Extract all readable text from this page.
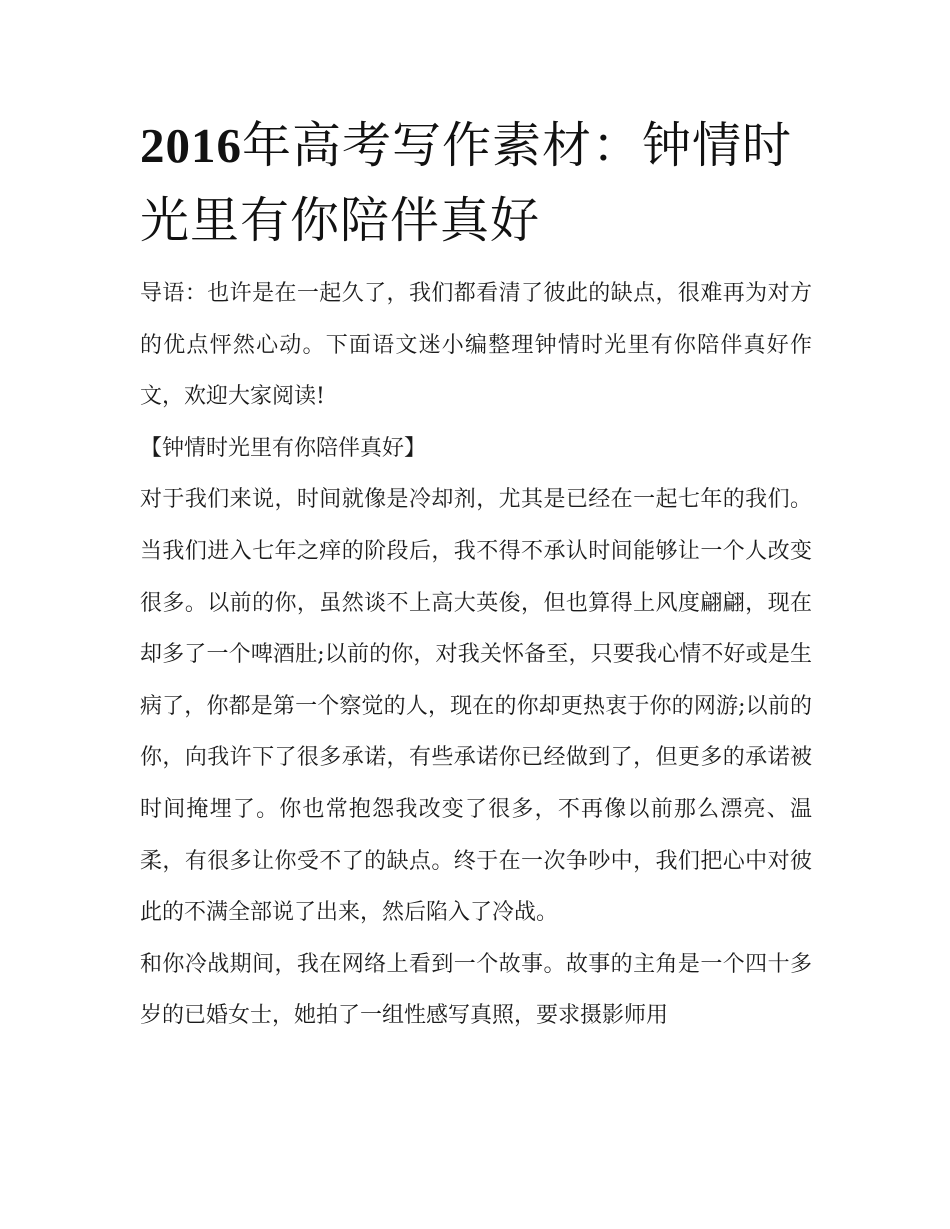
2016年高考写作素材：钟情时光里有你陪伴真好

导语：也许是在一起久了，我们都看清了彼此的缺点，很难再为对方的优点怦然心动。下面语文迷小编整理钟情时光里有你陪伴真好作文，欢迎大家阅读!

【钟情时光里有你陪伴真好】

对于我们来说，时间就像是冷却剂，尤其是已经在一起七年的我们。当我们进入七年之痒的阶段后，我不得不承认时间能够让一个人改变很多。以前的你，虽然谈不上高大英俊，但也算得上风度翩翩，现在却多了一个啤酒肚;以前的你，对我关怀备至，只要我心情不好或是生病了，你都是第一个察觉的人，现在的你却更热衷于你的网游;以前的你，向我许下了很多承诺，有些承诺你已经做到了，但更多的承诺被时间掩埋了。你也常抱怨我改变了很多，不再像以前那么漂亮、温柔，有很多让你受不了的缺点。终于在一次争吵中，我们把心中对彼此的不满全部说了出来，然后陷入了冷战。

和你冷战期间，我在网络上看到一个故事。故事的主角是一个四十多岁的已婚女士，她拍了一组性感写真照，要求摄影师用
